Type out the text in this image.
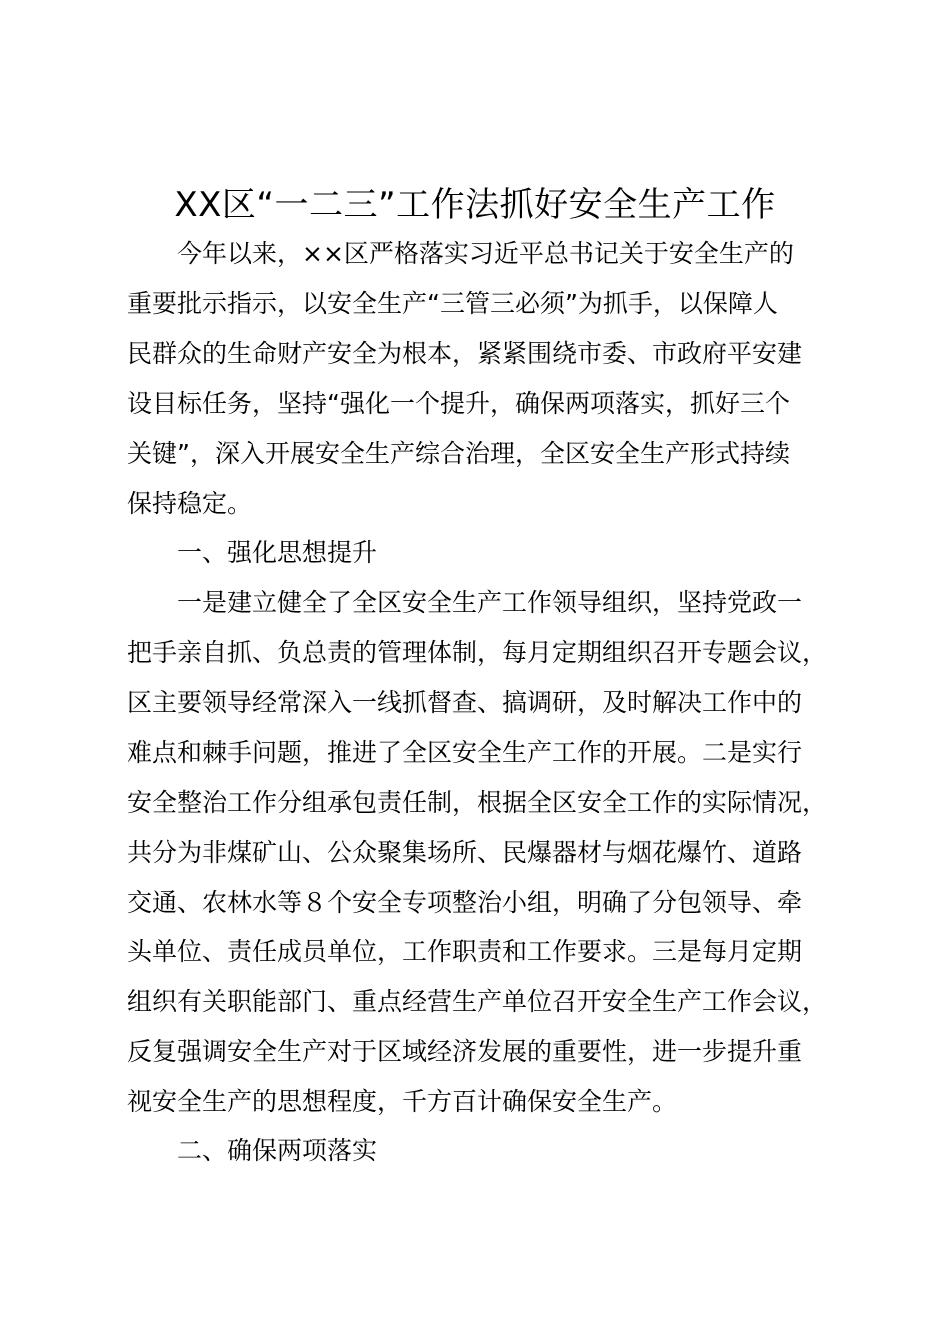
XX区“一二三”工作法抓好安全生产工作
今年以来，××区严格落实习近平总书记关于安全生产的
重要批示指示，以安全生产“三管三必须”为抓手，以保障人
民群众的生命财产安全为根本，紧紧围绕市委、市政府平安建
设目标任务，坚持“强化一个提升，确保两项落实，抓好三个
关键”，深入开展安全生产综合治理，全区安全生产形式持续
保持稳定。
一、强化思想提升
一是建立健全了全区安全生产工作领导组织，坚持党政一
把手亲自抓、负总责的管理体制，每月定期组织召开专题会议，
区主要领导经常深入一线抓督查、搞调研，及时解决工作中的
难点和棘手问题，推进了全区安全生产工作的开展。二是实行
安全整治工作分组承包责任制，根据全区安全工作的实际情况，
共分为非煤矿山、公众聚集场所、民爆器材与烟花爆竹、道路
交通、农林水等８个安全专项整治小组，明确了分包领导、牵
头单位、责任成员单位，工作职责和工作要求。三是每月定期
组织有关职能部门、重点经营生产单位召开安全生产工作会议，
反复强调安全生产对于区域经济发展的重要性，进一步提升重
视安全生产的思想程度，千方百计确保安全生产。
二、确保两项落实
